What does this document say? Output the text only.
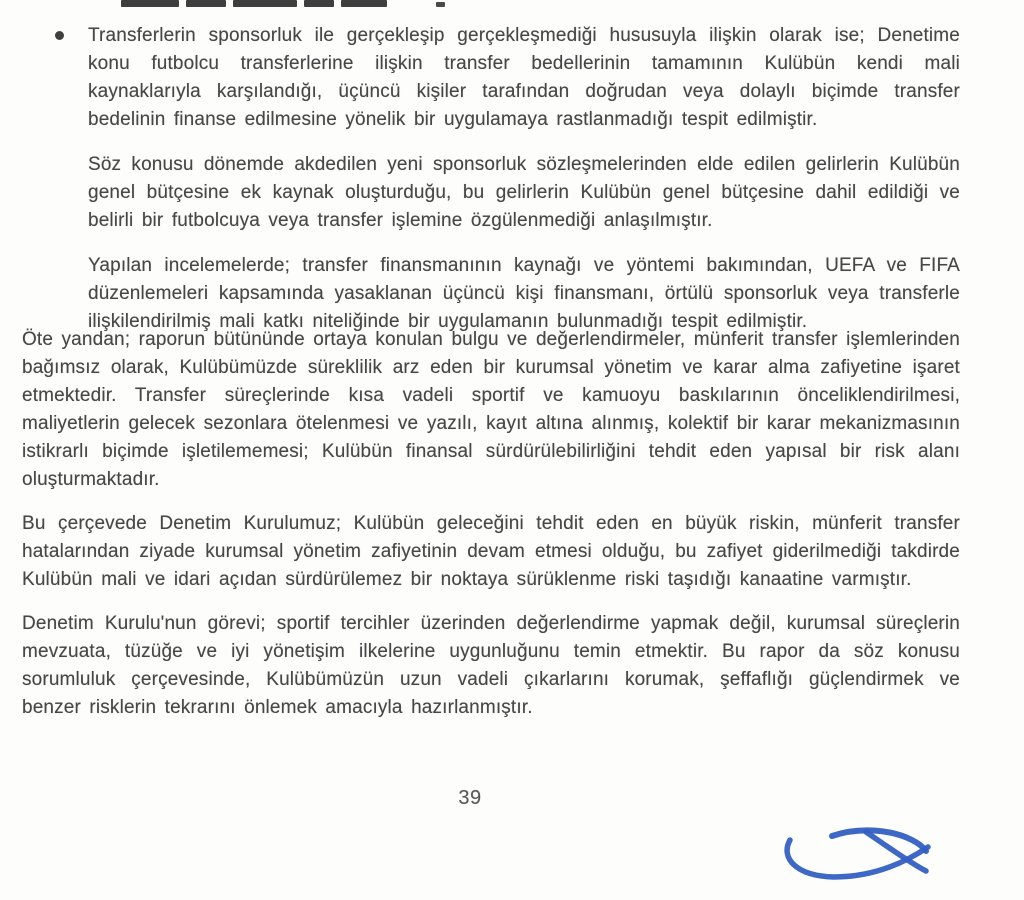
Transferlerin sponsorluk ile gerçekleşip gerçekleşmediği hususuyla ilişkin olarak ise; Denetime konu futbolcu transferlerine ilişkin transfer bedellerinin tamamının Kulübün kendi mali kaynaklarıyla karşılandığı, üçüncü kişiler tarafından doğrudan veya dolaylı biçimde transfer bedelinin finanse edilmesine yönelik bir uygulamaya rastlanmadığı tespit edilmiştir.

Söz konusu dönemde akdedilen yeni sponsorluk sözleşmelerinden elde edilen gelirlerin Kulübün genel bütçesine ek kaynak oluşturduğu, bu gelirlerin Kulübün genel bütçesine dahil edildiği ve belirli bir futbolcuya veya transfer işlemine özgülenmediği anlaşılmıştır.

Yapılan incelemelerde; transfer finansmanının kaynağı ve yöntemi bakımından, UEFA ve FIFA düzenlemeleri kapsamında yasaklanan üçüncü kişi finansmanı, örtülü sponsorluk veya transferle ilişkilendirilmiş mali katkı niteliğinde bir uygulamanın bulunmadığı tespit edilmiştir.

Öte yandan; raporun bütününde ortaya konulan bulgu ve değerlendirmeler, münferit transfer işlemlerinden bağımsız olarak, Kulübümüzde süreklilik arz eden bir kurumsal yönetim ve karar alma zafiyetine işaret etmektedir. Transfer süreçlerinde kısa vadeli sportif ve kamuoyu baskılarının önceliklendirilmesi, maliyetlerin gelecek sezonlara ötelenmesi ve yazılı, kayıt altına alınmış, kolektif bir karar mekanizmasının istikrarlı biçimde işletilememesi; Kulübün finansal sürdürülebilirliğini tehdit eden yapısal bir risk alanı oluşturmaktadır.

Bu çerçevede Denetim Kurulumuz; Kulübün geleceğini tehdit eden en büyük riskin, münferit transfer hatalarından ziyade kurumsal yönetim zafiyetinin devam etmesi olduğu, bu zafiyet giderilmediği takdirde Kulübün mali ve idari açıdan sürdürülemez bir noktaya sürüklenme riski taşıdığı kanaatine varmıştır.

Denetim Kurulu'nun görevi; sportif tercihler üzerinden değerlendirme yapmak değil, kurumsal süreçlerin mevzuata, tüzüğe ve iyi yönetişim ilkelerine uygunluğunu temin etmektir. Bu rapor da söz konusu sorumluluk çerçevesinde, Kulübümüzün uzun vadeli çıkarlarını korumak, şeffaflığı güçlendirmek ve benzer risklerin tekrarını önlemek amacıyla hazırlanmıştır.

39
